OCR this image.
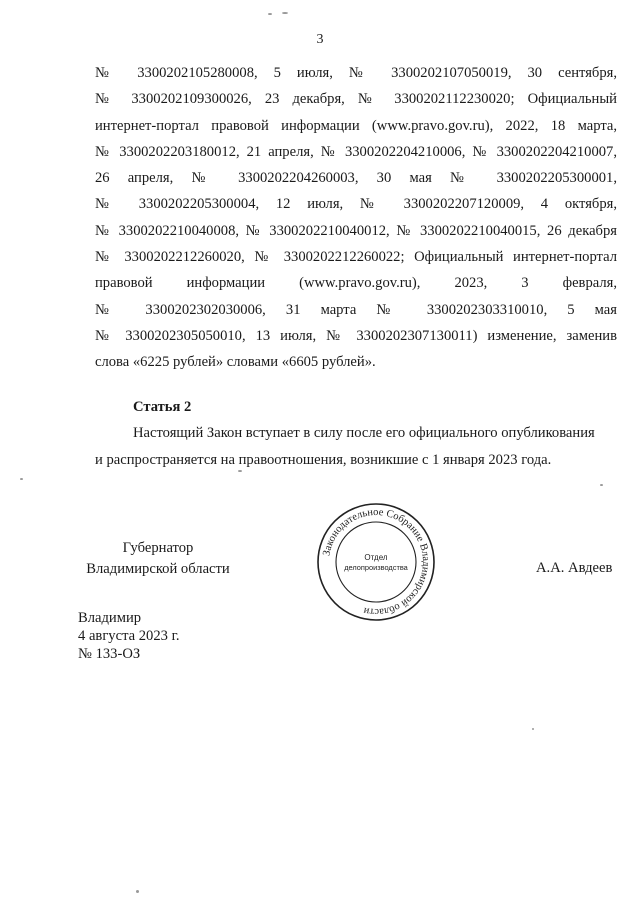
3
№ 3300202105280008, 5 июля, № 3300202107050019, 30 сентября,
№ 3300202109300026, 23 декабря, № 3300202112230020; Официальный
интернет-портал правовой информации (www.pravo.gov.ru), 2022, 18 марта,
№ 3300202203180012, 21 апреля, № 3300202204210006, № 3300202204210007,
26 апреля, № 3300202204260003, 30 мая № 3300202205300001,
№ 3300202205300004, 12 июля, № 3300202207120009, 4 октября,
№ 3300202210040008, № 3300202210040012, № 3300202210040015, 26 декабря
№ 3300202212260020, № 3300202212260022; Официальный интернет-портал
правовой информации (www.pravo.gov.ru), 2023, 3 февраля,
№ 3300202302030006, 31 марта № 3300202303310010, 5 мая
№ 3300202305050010, 13 июля, № 3300202307130011) изменение, заменив
слова «6225 рублей» словами «6605 рублей».
Статья 2
Настоящий Закон вступает в силу после его официального опубликования
и распространяется на правоотношения, возникшие с 1 января 2023 года.
Губернатор
Владимирской области	А.А. Авдеев
Законодательное Собрание Владимирской области
Отдел
делопроизводства
Владимир
4 августа 2023 г.
№ 133-ОЗ
